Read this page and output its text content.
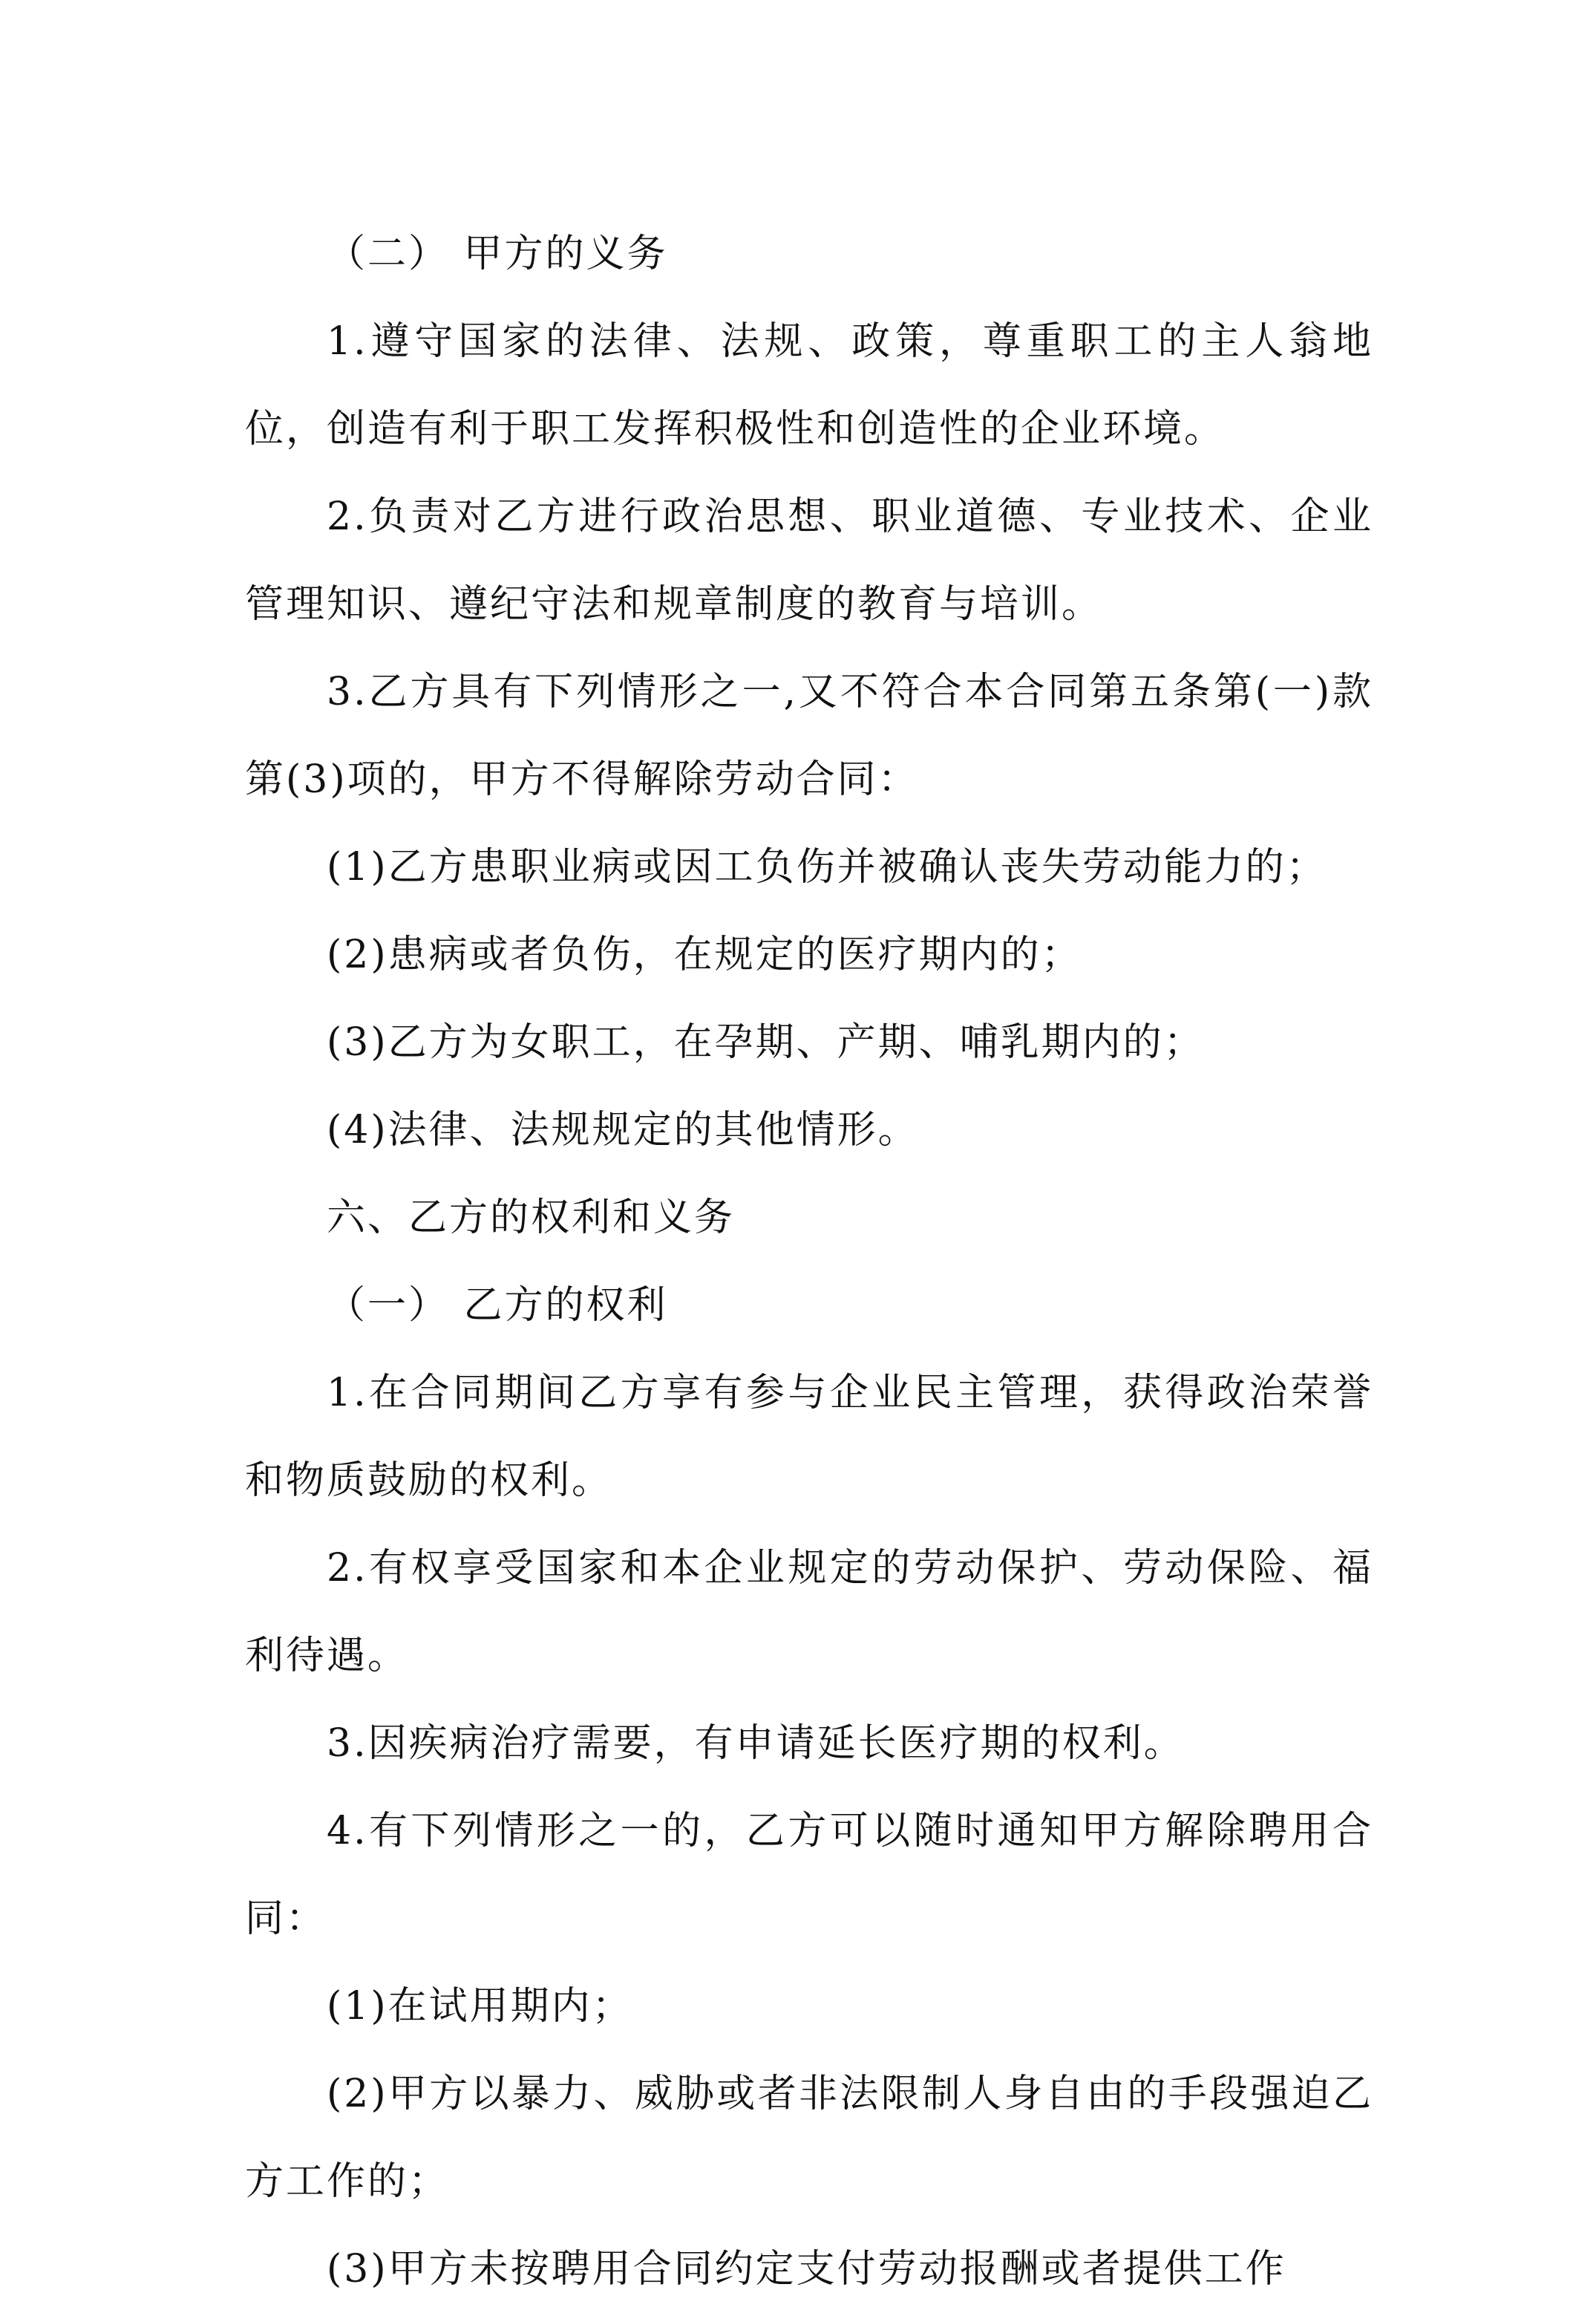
（二） 甲方的义务

1.遵守国家的法律、法规、政策，尊重职工的主人翁地位，创造有利于职工发挥积极性和创造性的企业环境。

2.负责对乙方进行政治思想、职业道德、专业技术、企业管理知识、遵纪守法和规章制度的教育与培训。

3.乙方具有下列情形之一,又不符合本合同第五条第(一)款第(3)项的，甲方不得解除劳动合同：

(1)乙方患职业病或因工负伤并被确认丧失劳动能力的；

(2)患病或者负伤，在规定的医疗期内的；

(3)乙方为女职工，在孕期、产期、哺乳期内的；

(4)法律、法规规定的其他情形。

六、乙方的权利和义务

（一） 乙方的权利

1.在合同期间乙方享有参与企业民主管理，获得政治荣誉和物质鼓励的权利。

2.有权享受国家和本企业规定的劳动保护、劳动保险、福利待遇。

3.因疾病治疗需要，有申请延长医疗期的权利。

4.有下列情形之一的，乙方可以随时通知甲方解除聘用合同：

(1)在试用期内；

(2)甲方以暴力、威胁或者非法限制人身自由的手段强迫乙方工作的；

(3)甲方未按聘用合同约定支付劳动报酬或者提供工作
